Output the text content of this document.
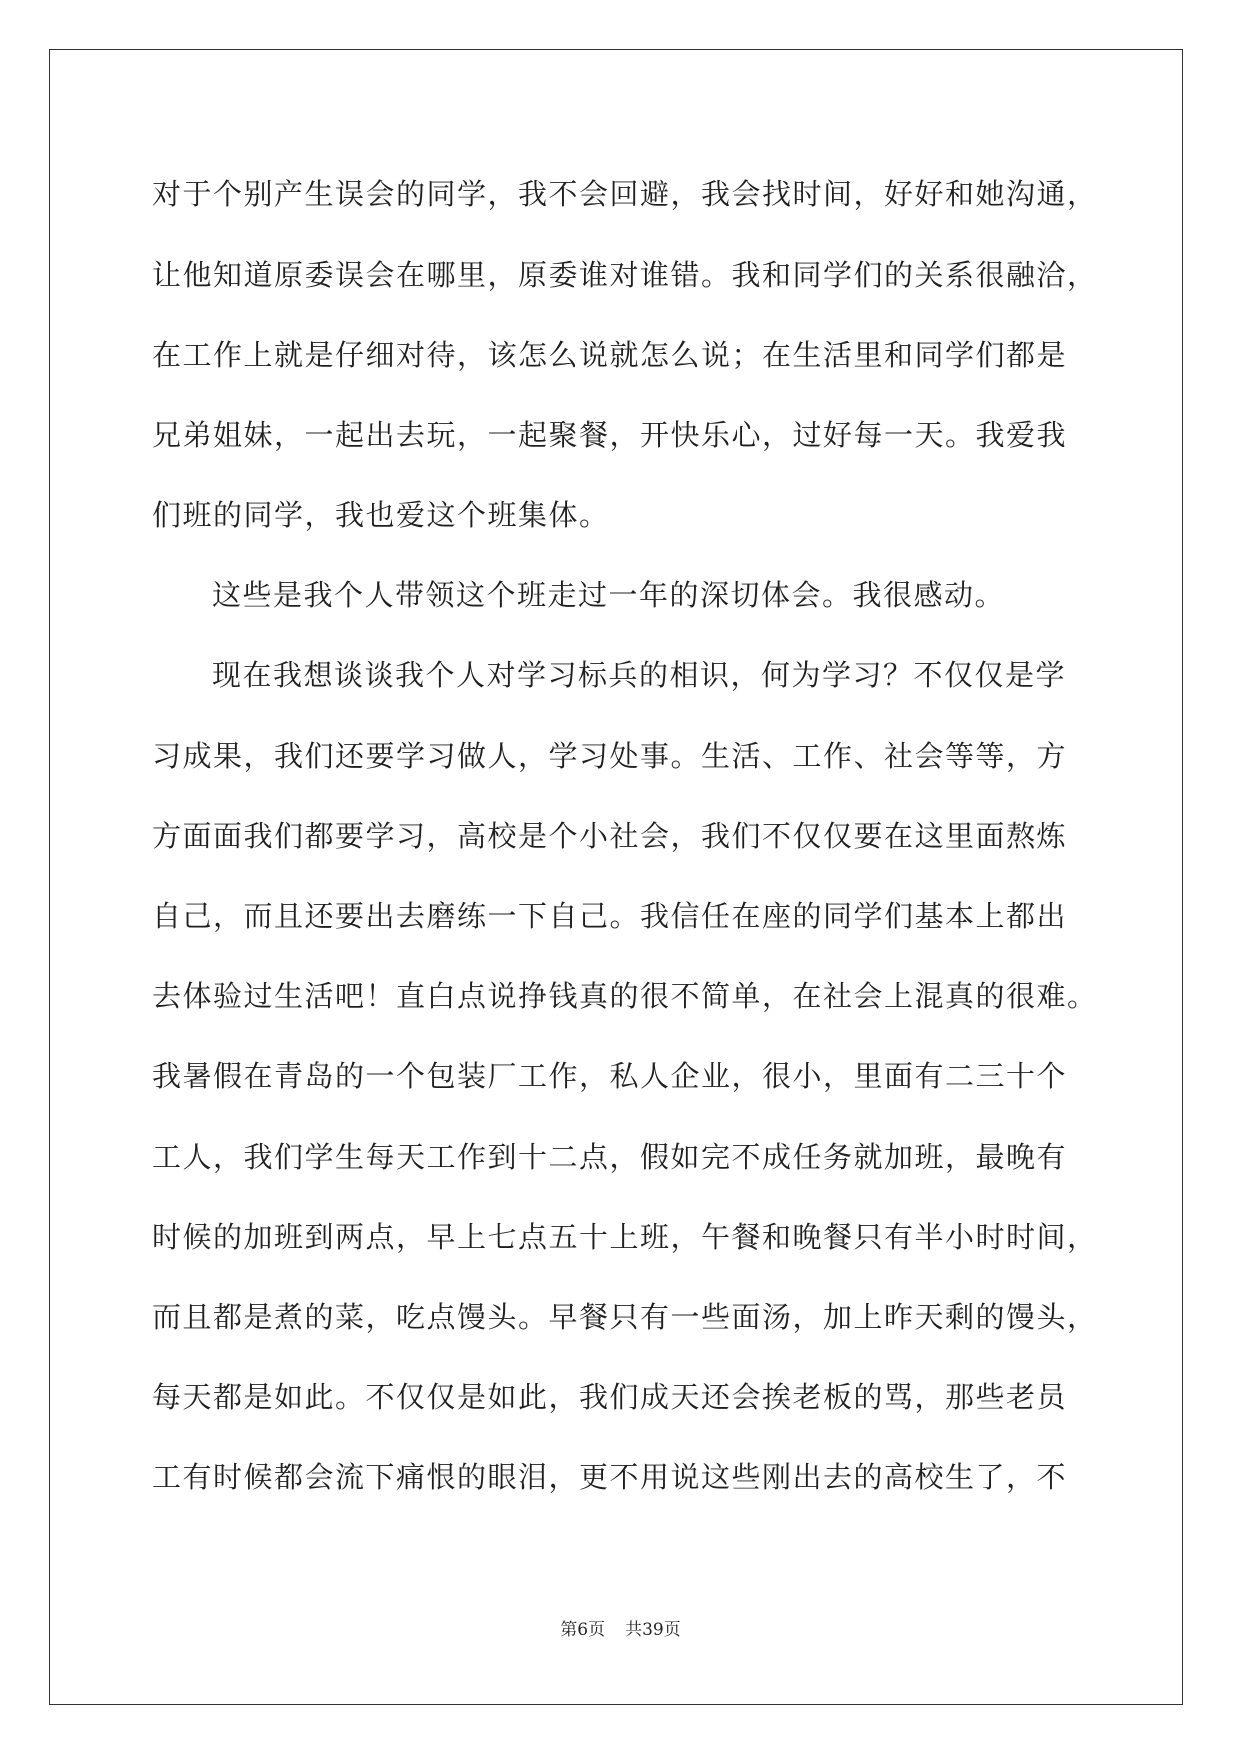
对于个别产生误会的同学，我不会回避，我会找时间，好好和她沟通，
让他知道原委误会在哪里，原委谁对谁错。我和同学们的关系很融洽，
在工作上就是仔细对待，该怎么说就怎么说；在生活里和同学们都是
兄弟姐妹，一起出去玩，一起聚餐，开快乐心，过好每一天。我爱我
们班的同学，我也爱这个班集体。
这些是我个人带领这个班走过一年的深切体会。我很感动。
现在我想谈谈我个人对学习标兵的相识，何为学习？不仅仅是学
习成果，我们还要学习做人，学习处事。生活、工作、社会等等，方
方面面我们都要学习，高校是个小社会，我们不仅仅要在这里面熬炼
自己，而且还要出去磨练一下自己。我信任在座的同学们基本上都出
去体验过生活吧！直白点说挣钱真的很不简单，在社会上混真的很难。
我暑假在青岛的一个包装厂工作，私人企业，很小，里面有二三十个
工人，我们学生每天工作到十二点，假如完不成任务就加班，最晚有
时候的加班到两点，早上七点五十上班，午餐和晚餐只有半小时时间，
而且都是煮的菜，吃点馒头。早餐只有一些面汤，加上昨天剩的馒头，
每天都是如此。不仅仅是如此，我们成天还会挨老板的骂，那些老员
工有时候都会流下痛恨的眼泪，更不用说这些刚出去的高校生了，不
第6页 共39页
